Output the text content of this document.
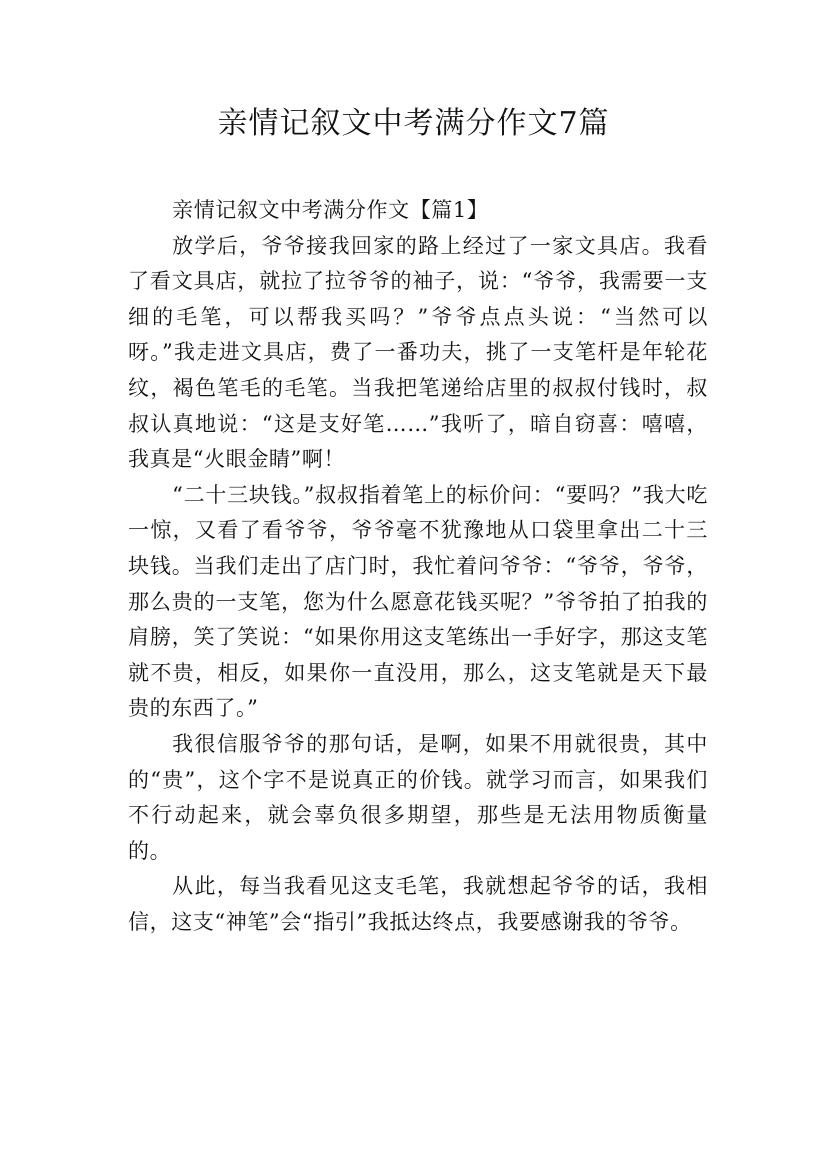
亲情记叙文中考满分作文7篇

亲情记叙文中考满分作文【篇1】

放学后，爷爷接我回家的路上经过了一家文具店。我看了看文具店，就拉了拉爷爷的袖子，说：“爷爷，我需要一支细的毛笔，可以帮我买吗？”爷爷点点头说：“当然可以呀。”我走进文具店，费了一番功夫，挑了一支笔杆是年轮花纹，褐色笔毛的毛笔。当我把笔递给店里的叔叔付钱时，叔叔认真地说：“这是支好笔……”我听了，暗自窃喜：嘻嘻，我真是“火眼金睛”啊！

“二十三块钱。”叔叔指着笔上的标价问：“要吗？”我大吃一惊，又看了看爷爷，爷爷毫不犹豫地从口袋里拿出二十三块钱。当我们走出了店门时，我忙着问爷爷：“爷爷，爷爷，那么贵的一支笔，您为什么愿意花钱买呢？”爷爷拍了拍我的肩膀，笑了笑说：“如果你用这支笔练出一手好字，那这支笔就不贵，相反，如果你一直没用，那么，这支笔就是天下最贵的东西了。”

我很信服爷爷的那句话，是啊，如果不用就很贵，其中的“贵”，这个字不是说真正的价钱。就学习而言，如果我们不行动起来，就会辜负很多期望，那些是无法用物质衡量的。

从此，每当我看见这支毛笔，我就想起爷爷的话，我相信，这支“神笔”会“指引”我抵达终点，我要感谢我的爷爷。
